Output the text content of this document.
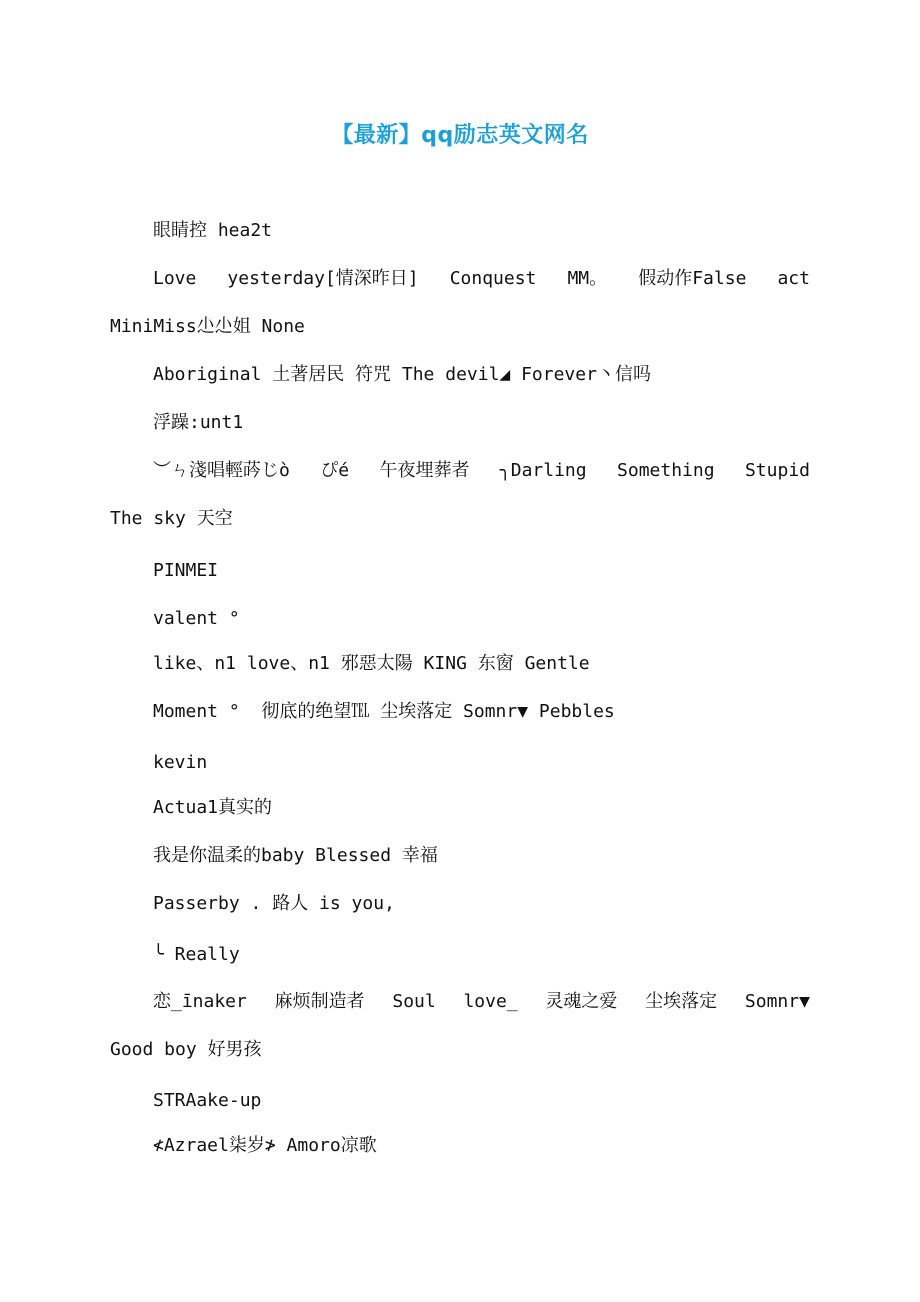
【最新】qq励志英文网名
眼睛控 hea2t
Love yesterday[情深昨日] Conquest MM。 假动作False act
MiniMiss尐尐姐 None
Aboriginal 土著居民 符咒 The devil◢ Forever丶信吗
浮躁:unt1
︶ㄣ淺唱輕荶じò ぴé 午夜埋葬者 ╮Darling Something Stupid
The sky 天空
PINMEI
valent °
like、n1 love、n1 邪惡太陽 KING 东窗 Gentle
Moment °  彻底的绝望℡ 尘埃落定 Somnr▼ Pebbles
kevin
Actua1真实的
我是你温柔的baby Blessed 幸福
Passerby . 路人 is you,
╰ Really
恋_īnaker 麻烦制造者 Soul love_ 灵魂之爱 尘埃落定 Somnr▼
Good boy 好男孩
STRAake-up
≮Azrael柒岁≯ Amoro凉歌
